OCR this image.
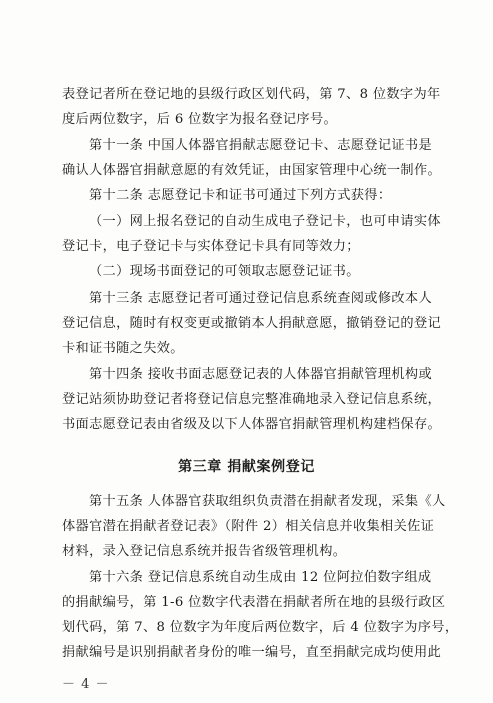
表登记者所在登记地的县级行政区划代码，第 7、8 位数字为年
度后两位数字，后 6 位数字为报名登记序号。
第十一条 中国人体器官捐献志愿登记卡、志愿登记证书是
确认人体器官捐献意愿的有效凭证，由国家管理中心统一制作。
第十二条 志愿登记卡和证书可通过下列方式获得：
（一）网上报名登记的自动生成电子登记卡，也可申请实体
登记卡，电子登记卡与实体登记卡具有同等效力；
（二）现场书面登记的可领取志愿登记证书。
第十三条 志愿登记者可通过登记信息系统查阅或修改本人
登记信息，随时有权变更或撤销本人捐献意愿，撤销登记的登记
卡和证书随之失效。
第十四条 接收书面志愿登记表的人体器官捐献管理机构或
登记站须协助登记者将登记信息完整准确地录入登记信息系统，
书面志愿登记表由省级及以下人体器官捐献管理机构建档保存。
第三章 捐献案例登记
第十五条 人体器官获取组织负责潜在捐献者发现，采集《人
体器官潜在捐献者登记表》（附件 2）相关信息并收集相关佐证
材料，录入登记信息系统并报告省级管理机构。
第十六条 登记信息系统自动生成由 12 位阿拉伯数字组成
的捐献编号，第 1-6 位数字代表潜在捐献者所在地的县级行政区
划代码，第 7、8 位数字为年度后两位数字，后 4 位数字为序号，
捐献编号是识别捐献者身份的唯一编号，直至捐献完成均使用此
－ 4 －
